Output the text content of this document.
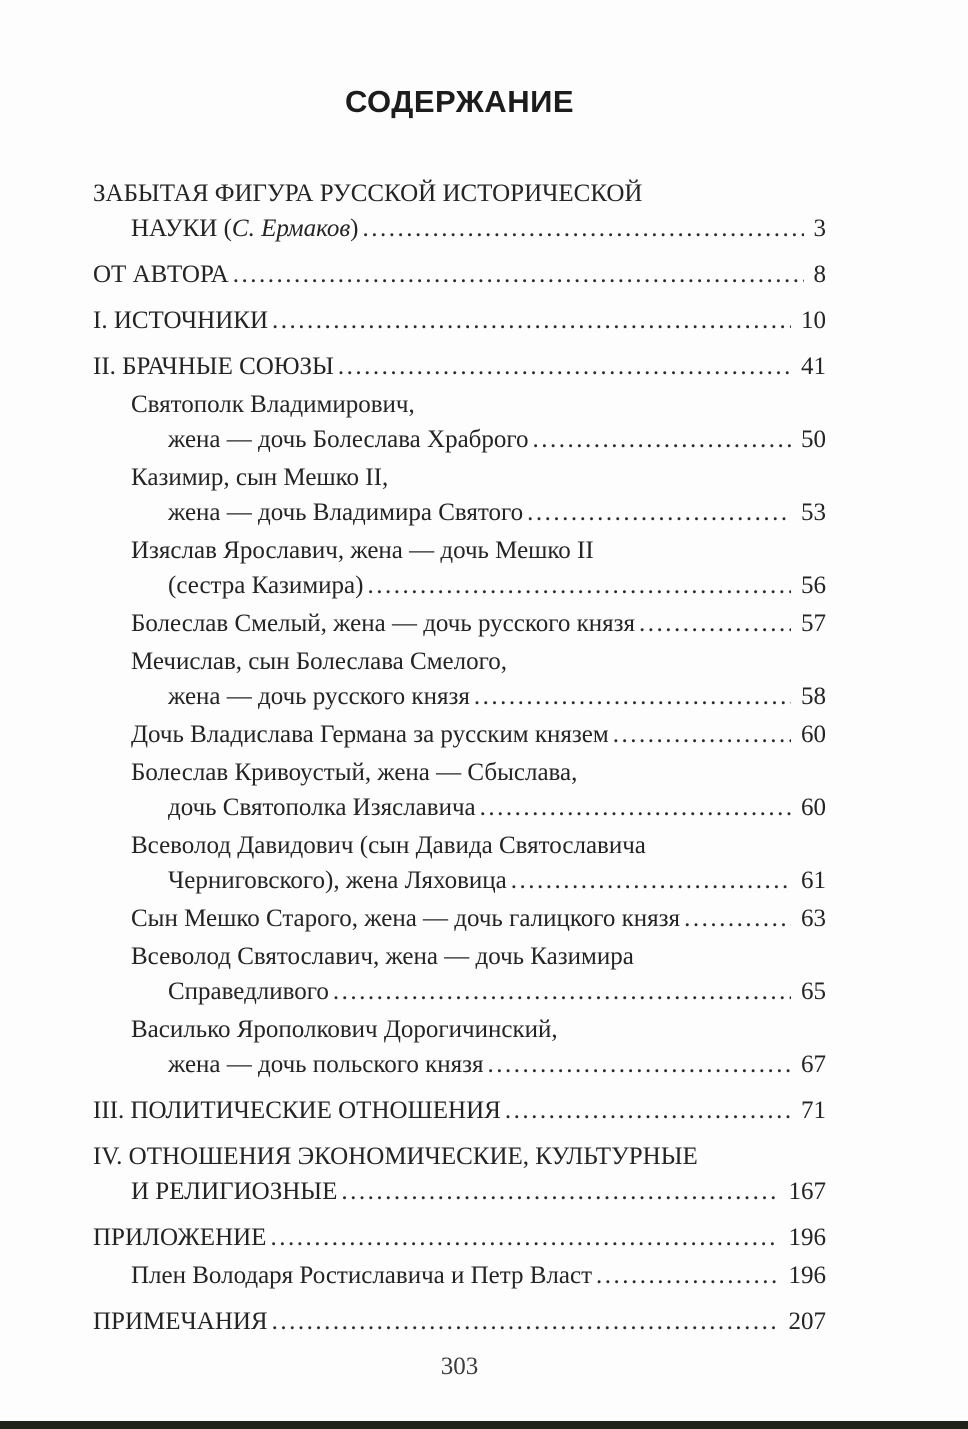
СОДЕРЖАНИЕ
ЗАБЫТАЯ ФИГУРА РУССКОЙ ИСТОРИЧЕСКОЙ
НАУКИ (С. Ермаков) .....	3
ОТ АВТОРА .....	8
I. ИСТОЧНИКИ .....	10
II. БРАЧНЫЕ СОЮЗЫ .....	41
Святополк Владимирович,
жена — дочь Болеслава Храброго .....	50
Казимир, сын Мешко II,
жена — дочь Владимира Святого .....	53
Изяслав Ярославич, жена — дочь Мешко II
(сестра Казимира) .....	56
Болеслав Смелый, жена — дочь русского князя .....	57
Мечислав, сын Болеслава Смелого,
жена — дочь русского князя .....	58
Дочь Владислава Германа за русским князем .....	60
Болеслав Кривоустый, жена — Сбыслава,
дочь Святополка Изяславича .....	60
Всеволод Давидович (сын Давида Святославича
Черниговского), жена Ляховица .....	61
Сын Мешко Старого, жена — дочь галицкого князя .....	63
Всеволод Святославич, жена — дочь Казимира
Справедливого .....	65
Василько Ярополкович Дорогичинский,
жена — дочь польского князя .....	67
III. ПОЛИТИЧЕСКИЕ ОТНОШЕНИЯ .....	71
IV. ОТНОШЕНИЯ ЭКОНОМИЧЕСКИЕ, КУЛЬТУРНЫЕ
И РЕЛИГИОЗНЫЕ .....	167
ПРИЛОЖЕНИЕ .....	196
Плен Володаря Ростиславича и Петр Власт .....	196
ПРИМЕЧАНИЯ .....	207
303
